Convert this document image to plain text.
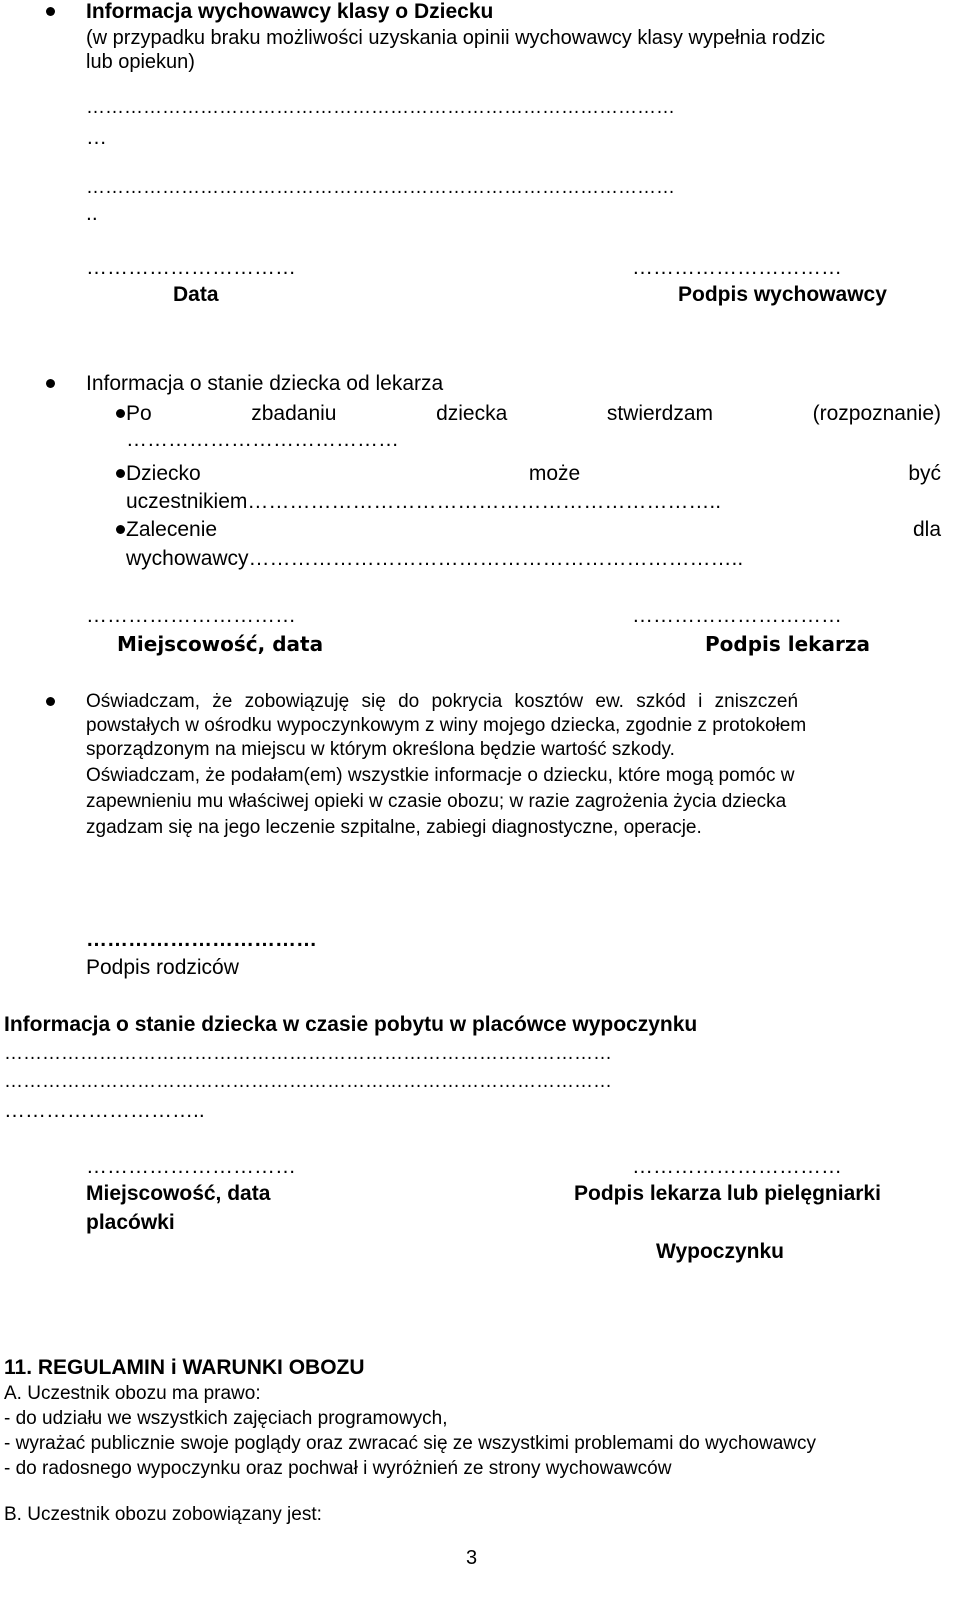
Informacja wychowawcy klasy o Dziecku
(w przypadku braku możliwości uzyskania opinii wychowawcy klasy wypełnia rodzic
lub opiekun)
…………………………………………………………………………………
…
…………………………………………………………………………………
..
…………………………	…………………………
Data	Podpis wychowawcy
Informacja o stanie dziecka od lekarza
Po	zbadaniu	dziecka	stwierdzam	(rozpoznanie)
…………………………………
Dziecko	może	być
uczestnikiem…………………………………………………………..
Zalecenie	dla
wychowawcy……………………………………………………………..
…………………………	…………………………
Miejscowość, data	Podpis lekarza
Oświadczam, że zobowiązuję się do pokrycia kosztów ew. szkód i zniszczeń
powstałych w ośrodku wypoczynkowym z winy mojego dziecka, zgodnie z protokołem
sporządzonym na miejscu w którym określona będzie wartość szkody.
Oświadczam, że podałam(em) wszystkie informacje o dziecku, które mogą pomóc w
zapewnieniu mu właściwej opieki w czasie obozu; w razie zagrożenia życia dziecka
zgadzam się na jego leczenie szpitalne, zabiegi diagnostyczne, operacje.
……………………………
Podpis rodziców
Informacja o stanie dziecka w czasie pobytu w placówce wypoczynku
……………………………………………………………………………………
……………………………………………………………………………………
………………………..
…………………………	…………………………
Miejscowość, data
placówki
Podpis lekarza lub pielęgniarki
Wypoczynku
11. REGULAMIN i WARUNKI OBOZU
A. Uczestnik obozu ma prawo:
- do udziału we wszystkich zajęciach programowych,
- wyrażać publicznie swoje poglądy oraz zwracać się ze wszystkimi problemami do wychowawcy
- do radosnego wypoczynku oraz pochwał i wyróżnień ze strony wychowawców
B. Uczestnik obozu zobowiązany jest:
3
